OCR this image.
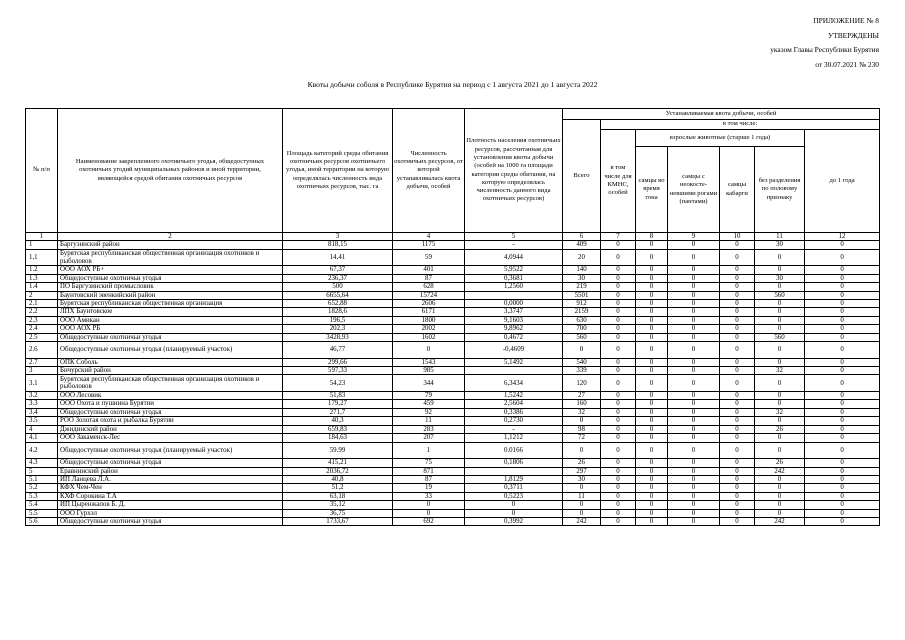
ПРИЛОЖЕНИЕ № 8
УТВЕРЖДЕНЫ
указом Главы Республики Бурятия
от 30.07.2021 № 230
Квоты добычи соболя в Республике Бурятия на период с 1 августа 2021 до 1 августа 2022
№ п/п	Наименование закрепленного охотничьего угодья, общедоступных охотничьих угодий муниципальных районов и иной территории, являющейся средой обитания охотничьих ресурсов	Площадь категорий среды обитания охотничьих ресурсов охотничьего угодья, иной территории на которую определялась численность вида охотничьих ресурсов, тыс. га	Численность охотничьих ресурсов, от которой устанавливалась квота добычи, особей	Плотность населения охотничьих ресурсов, рассчитанная для установления квоты добычи (особей на 1000 га площади категории среды обитания, на которую определялась численность данного вида охотничьих ресурсов)	Устанавливаемая квота добычи, особей						
					Всего	в том числе:					
						в том числе для КМНС, особей	взрослые животные (старше 1 года)				до 1 года
							самцы во время гона	самцы с неокосте-невшими рогами (пантами)	самцы кабарги	без разделения по половому признаку	
1	2	3	4	5	6	7	8	9	10	11	12
1	Баргузинский район	818,15	1175	-	409	0	0	0	0	30	0
1,1	Бурятская республиканская общественная организация охотников и рыболовов	14,41	59	4,0944	20	0	0	0	0	0	0
1.2	ООО АОХ РБ+	67,37	401	5,9522	140	0	0	0	0	0	0
1.3	Общедоступные охотничьи угодья	236,37	87	0,3681	30	0	0	0	0	30	0
1.4	ПО Баргузинский промысловик	500	628	1,2560	219	0	0	0	0	0	0
2	Баунтовский эвенкийский район	6655,64	15724		5501	0	0	0	0	560	0
2.1	Бурятская республиканская общественная организация	652,88	2606	0,0000	912	0	0	0	0	0	0
2.2	ЛПХ Баунтовское	1828,6	6171	3,3747	2159	0	0	0	0	0	0
2.3	ООО Амикан	196,5	1800	9,1603	630	0	0	0	0	0	0
2.4	ООО АОХ РБ	202,3	2002	9,8962	700	0	0	0	0	0	0
2.5	Общедоступные охотничьи угодья	3428,93	1602	0,4672	560	0	0	0	0	560	0
2.6	Общедоступные охотничьи угодья (планируемый участок)	46,77	0	-0,4609	0	0	0	0	0	0	0
2.7	ОПК Соболь	299,66	1543	5,1492	540	0	0	0	0	0	0
3	Бичурский район	597,33	985		339	0	0	0	0	32	0
3.1	Бурятская республиканская общественная организация охотников и рыболовов	54,23	344	6,3434	120	0	0	0	0	0	0
3.2	ООО Лесовик	51,83	79	1,5242	27	0	0	0	0	0	0
3.3	ООО Охота и пушнина Бурятии	179,27	459	2,5604	160	0	0	0	0	0	0
3.4	Общедоступные охотничьи угодья	271,7	92	0,3386	32	0	0	0	0	32	0
3.5	РОО Золотая охота и рыбалка Бурятии	40,3	11	0,2730	0	0	0	0	0	0	0
4	Джидинский район	659,83	283	-	98	0	0	0	0	26	0
4.1	ООО Закаменск-Лес	184,63	207	1,1212	72	0	0	0	0	0	0
4.2	Общедоступные охотничьи угодья (планируемый участок)	59.99	1	0.0166	0	0	0	0	0	0	0
4.3	Общедоступные охотничьи угодья	415,21	75	0,1806	26	0	0	0	0	26	0
5	Еравнинский район	2036,72	871		297	0	0	0	0	242	0
5.1	ИП Ланцева Л.А.	40,8	87	1,8129	30	0	0	0	0	0	0
5.2	КФХ Чем-Чен	51,2	19	0,3711	0	0	0	0	0	0	0
5.3	КХФ Сорокина Т.А	63,18	33	0,5223	11	0	0	0	0	0	0
5.4	ИП Цыренжапов Б. Д.	35,12	0	0	0	0	0	0	0	0	0
5.5	ООО Гурхэл	36,75	0	0	0	0	0	0	0	0	0
5.6	Общедоступные охотничьи угодья	1733,67	692	0,3992	242	0	0	0	0	242	0
